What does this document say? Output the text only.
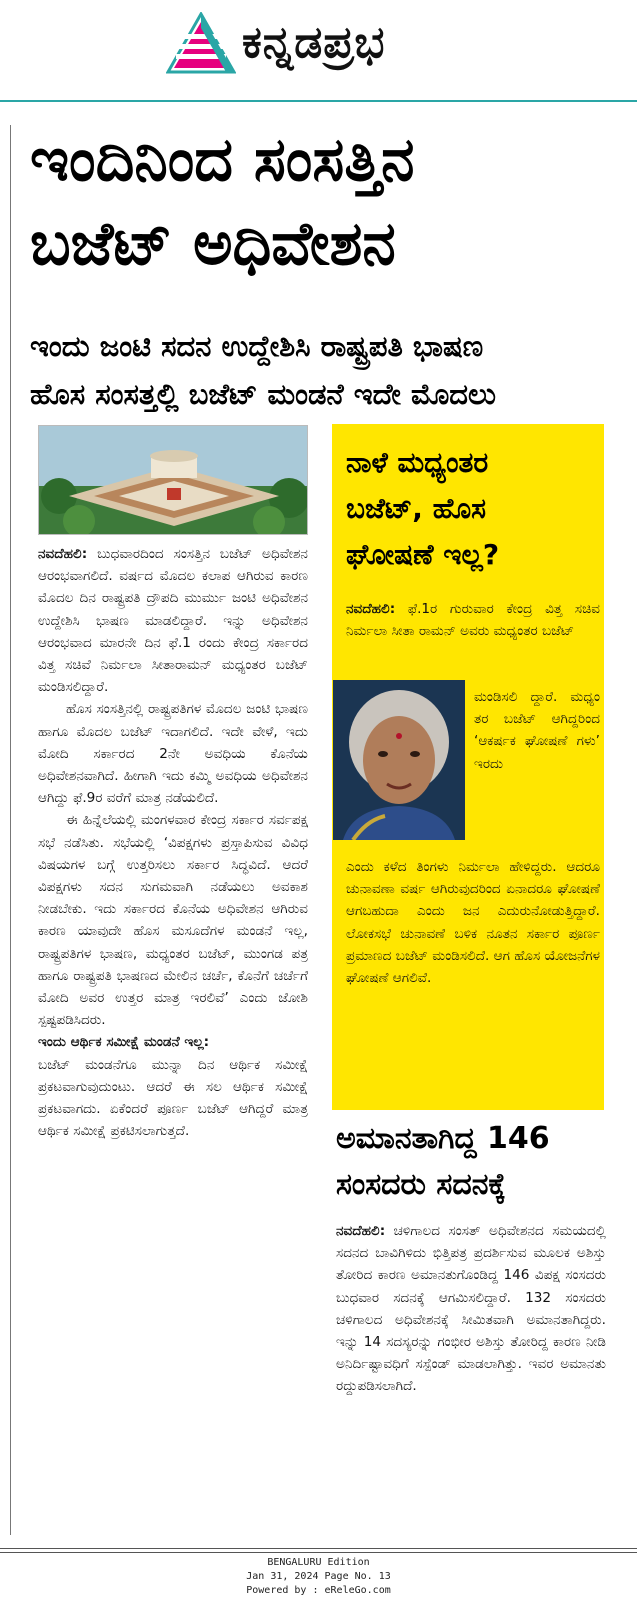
ಕನ್ನಡಪ್ರಭ
ಇಂದಿನಿಂದ ಸಂಸತ್ತಿನ
ಬಜೆಟ್ ಅಧಿವೇಶನ
ಇಂದು ಜಂಟಿ ಸದನ ಉದ್ದೇಶಿಸಿ ರಾಷ್ಟ್ರಪತಿ ಭಾಷಣ
ಹೊಸ ಸಂಸತ್ತಲ್ಲಿ ಬಜೆಟ್ ಮಂಡನೆ ಇದೇ ಮೊದಲು

ನವದೆಹಲಿ: ಬುಧವಾರದಿಂದ ಸಂಸತ್ತಿನ ಬಜೆಟ್ ಅಧಿವೇಶನ ಆರಂಭವಾಗಲಿದೆ. ವರ್ಷದ ಮೊದಲ ಕಲಾಪ ಆಗಿರುವ ಕಾರಣ ಮೊದಲ ದಿನ ರಾಷ್ಟ್ರಪತಿ ದ್ರೌಪದಿ ಮುರ್ಮು ಜಂಟಿ ಅಧಿವೇಶನ ಉದ್ದೇಶಿಸಿ ಭಾಷಣ ಮಾಡಲಿದ್ದಾರೆ. ಇನ್ನು ಅಧಿವೇಶನ ಆರಂಭವಾದ ಮಾರನೇ ದಿನ ಫೆ.1 ರಂದು ಕೇಂದ್ರ ಸರ್ಕಾರದ ವಿತ್ತ ಸಚಿವೆ ನಿರ್ಮಲಾ ಸೀತಾರಾಮನ್ ಮಧ್ಯಂತರ ಬಜೆಟ್ ಮಂಡಿಸಲಿದ್ದಾರೆ.

ಹೊಸ ಸಂಸತ್ತಿನಲ್ಲಿ ರಾಷ್ಟ್ರಪತಿಗಳ ಮೊದಲ ಜಂಟಿ ಭಾಷಣ ಹಾಗೂ ಮೊದಲ ಬಜೆಟ್ ಇದಾಗಲಿದೆ. ಇದೇ ವೇಳೆ, ಇದು ಮೋದಿ ಸರ್ಕಾರದ 2ನೇ ಅವಧಿಯ ಕೊನೆಯ ಅಧಿವೇಶನವಾಗಿದೆ. ಹೀಗಾಗಿ ಇದು ಕಮ್ಮಿ ಅವಧಿಯ ಅಧಿವೇಶನ ಆಗಿದ್ದು ಫೆ.9ರ ವರೆಗೆ ಮಾತ್ರ ನಡೆಯಲಿದೆ.

ಈ ಹಿನ್ನೆಲೆಯಲ್ಲಿ ಮಂಗಳವಾರ ಕೇಂದ್ರ ಸರ್ಕಾರ ಸರ್ವಪಕ್ಷ ಸಭೆ ನಡೆಸಿತು. ಸಭೆಯಲ್ಲಿ ‘ವಿಪಕ್ಷಗಳು ಪ್ರಸ್ತಾಪಿಸುವ ವಿವಿಧ ವಿಷಯಗಳ ಬಗ್ಗೆ ಉತ್ತರಿಸಲು ಸರ್ಕಾರ ಸಿದ್ಧವಿದೆ. ಆದರೆ ವಿಪಕ್ಷಗಳು ಸದನ ಸುಗಮವಾಗಿ ನಡೆಯಲು ಅವಕಾಶ ನೀಡಬೇಕು. ಇದು ಸರ್ಕಾರದ ಕೊನೆಯ ಅಧಿವೇಶನ ಆಗಿರುವ ಕಾರಣ ಯಾವುದೇ ಹೊಸ ಮಸೂದೆಗಳ ಮಂಡನೆ ಇಲ್ಲ, ರಾಷ್ಟ್ರಪತಿಗಳ ಭಾಷಣ, ಮಧ್ಯಂತರ ಬಜೆಟ್, ಮುಂಗಡ ಪತ್ರ ಹಾಗೂ ರಾಷ್ಟ್ರಪತಿ ಭಾಷಣದ ಮೇಲಿನ ಚರ್ಚೆ, ಕೊನೆಗೆ ಚರ್ಚೆಗೆ ಮೋದಿ ಅವರ ಉತ್ತರ ಮಾತ್ರ ಇರಲಿವೆ’ ಎಂದು ಜೋಶಿ ಸ್ಪಷ್ಟಪಡಿಸಿದರು.

ಇಂದು ಆರ್ಥಿಕ ಸಮೀಕ್ಷೆ ಮಂಡನೆ ಇಲ್ಲ:

ಬಜೆಟ್ ಮಂಡನೆಗೂ ಮುನ್ನಾ ದಿನ ಆರ್ಥಿಕ ಸಮೀಕ್ಷೆ ಪ್ರಕಟವಾಗುವುದುಂಟು. ಆದರೆ ಈ ಸಲ ಆರ್ಥಿಕ ಸಮೀಕ್ಷೆ ಪ್ರಕಟವಾಗದು. ಏಕೆಂದರೆ ಪೂರ್ಣ ಬಜೆಟ್ ಆಗಿದ್ದರೆ ಮಾತ್ರ ಆರ್ಥಿಕ ಸಮೀಕ್ಷೆ ಪ್ರಕಟಿಸಲಾಗುತ್ತದೆ.

ನಾಳೆ ಮಧ್ಯಂತರ
ಬಜೆಟ್, ಹೊಸ
ಘೋಷಣೆ ಇಲ್ಲ?
ನವದೆಹಲಿ: ಫೆ.1ರ ಗುರುವಾರ ಕೇಂದ್ರ ವಿತ್ತ ಸಚಿವ ನಿರ್ಮಲಾ ಸೀತಾ ರಾಮನ್ ಅವರು ಮಧ್ಯಂತರ ಬಜೆಟ್
ಮಂಡಿಸಲಿ ದ್ದಾರೆ. ಮಧ್ಯಂ ತರ ಬಜೆಟ್ ಆಗಿದ್ದರಿಂದ ‘ಆಕರ್ಷಕ ಘೋಷಣೆ ಗಳು’ ಇರದು
ಎಂದು ಕಳೆದ ತಿಂಗಳು ನಿರ್ಮಲಾ ಹೇಳಿದ್ದರು. ಆದರೂ ಚುನಾವಣಾ ವರ್ಷ ಆಗಿರುವುದರಿಂದ ಏನಾದರೂ ಘೋಷಣೆ ಆಗಬಹುದಾ ಎಂದು ಜನ ಎದುರುನೋಡುತ್ತಿದ್ದಾರೆ. ಲೋಕಸಭೆ ಚುನಾವಣೆ ಬಳಿಕ ನೂತನ ಸರ್ಕಾರ ಪೂರ್ಣ ಪ್ರಮಾಣದ ಬಜೆಟ್ ಮಂಡಿಸಲಿದೆ. ಆಗ ಹೊಸ ಯೋಜನೆಗಳ ಘೋಷಣೆ ಆಗಲಿವೆ.
ಅಮಾನತಾಗಿದ್ದ 146
ಸಂಸದರು ಸದನಕ್ಕೆ
ನವದೆಹಲಿ: ಚಳಿಗಾಲದ ಸಂಸತ್ ಅಧಿವೇಶನದ ಸಮಯದಲ್ಲಿ ಸದನದ ಬಾವಿಗಿಳಿದು ಭಿತ್ತಿಪತ್ರ ಪ್ರದರ್ಶಿಸುವ ಮೂಲಕ ಅಶಿಸ್ತು ತೋರಿದ ಕಾರಣ ಅಮಾನತುಗೊಂಡಿದ್ದ 146 ವಿಪಕ್ಷ ಸಂಸದರು ಬುಧವಾರ ಸದನಕ್ಕೆ ಆಗಮಿಸಲಿದ್ದಾರೆ. 132 ಸಂಸದರು ಚಳಿಗಾಲದ ಅಧಿವೇಶನಕ್ಕೆ ಸೀಮಿತವಾಗಿ ಅಮಾನತಾಗಿದ್ದರು. ಇನ್ನು 14 ಸದಸ್ಯರನ್ನು ಗಂಭೀರ ಅಶಿಸ್ತು ತೋರಿದ್ದ ಕಾರಣ ನೀಡಿ ಅನಿರ್ದಿಷ್ಟಾವಧಿಗೆ ಸಸ್ಪೆಂಡ್ ಮಾಡಲಾಗಿತ್ತು. ಇವರ ಅಮಾನತು ರದ್ದುಪಡಿಸಲಾಗಿದೆ.
BENGALURU Edition
Jan 31, 2024 Page No. 13
Powered by : eReleGo.com
